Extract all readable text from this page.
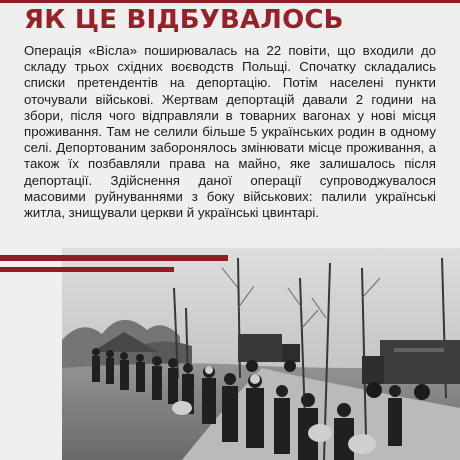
ЯК ЦЕ ВІДБУВАЛОСЬ

Операція «Вісла» поширювалась на 22 повіти, що входили до складу трьох східних воєводств Польщі. Спочатку складались списки претендентів на депортацію. Потім населені пункти оточували військові. Жертвам депортацій давали 2 години на збори, після чого відправляли в товарних вагонах у нові місця проживання. Там не селили більше 5 українських родин в одному селі. Депортованим заборонялось змінювати місце проживання, а також їх позбавляли права на майно, яке залишалось після депортації. Здійснення даної операції супроводжувалося масовими руйнуваннями з боку військових: палили українські житла, знищували церкви й українські цвинтарі.
